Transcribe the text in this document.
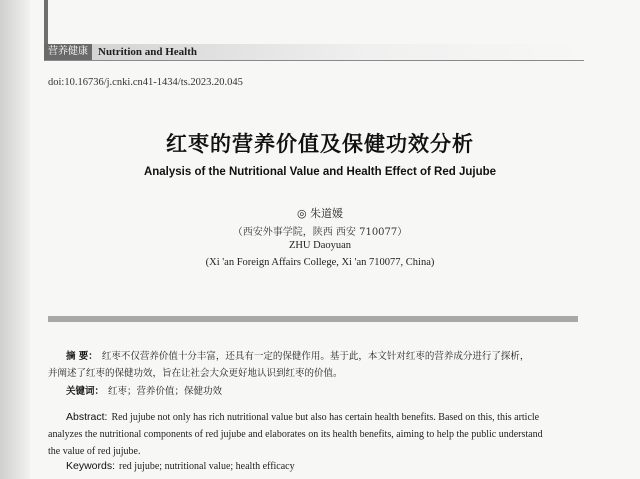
营养健康 Nutrition and Health
doi:10.16736/j.cnki.cn41-1434/ts.2023.20.045
红枣的营养价值及保健功效分析
Analysis of the Nutritional Value and Health Effect of Red Jujube
◎ 朱道媛
（西安外事学院，陕西 西安 710077）
ZHU Daoyuan
(Xi 'an Foreign Affairs College, Xi 'an 710077, China)
摘 要： 红枣不仅营养价值十分丰富，还具有一定的保健作用。基于此，本文针对红枣的营养成分进行了探析，
并阐述了红枣的保健功效，旨在让社会大众更好地认识到红枣的价值。
关键词： 红枣；营养价值；保健功效
Abstract: Red jujube not only has rich nutritional value but also has certain health benefits. Based on this, this article
analyzes the nutritional components of red jujube and elaborates on its health benefits, aiming to help the public understand
the value of red jujube.
Keywords: red jujube; nutritional value; health efficacy
